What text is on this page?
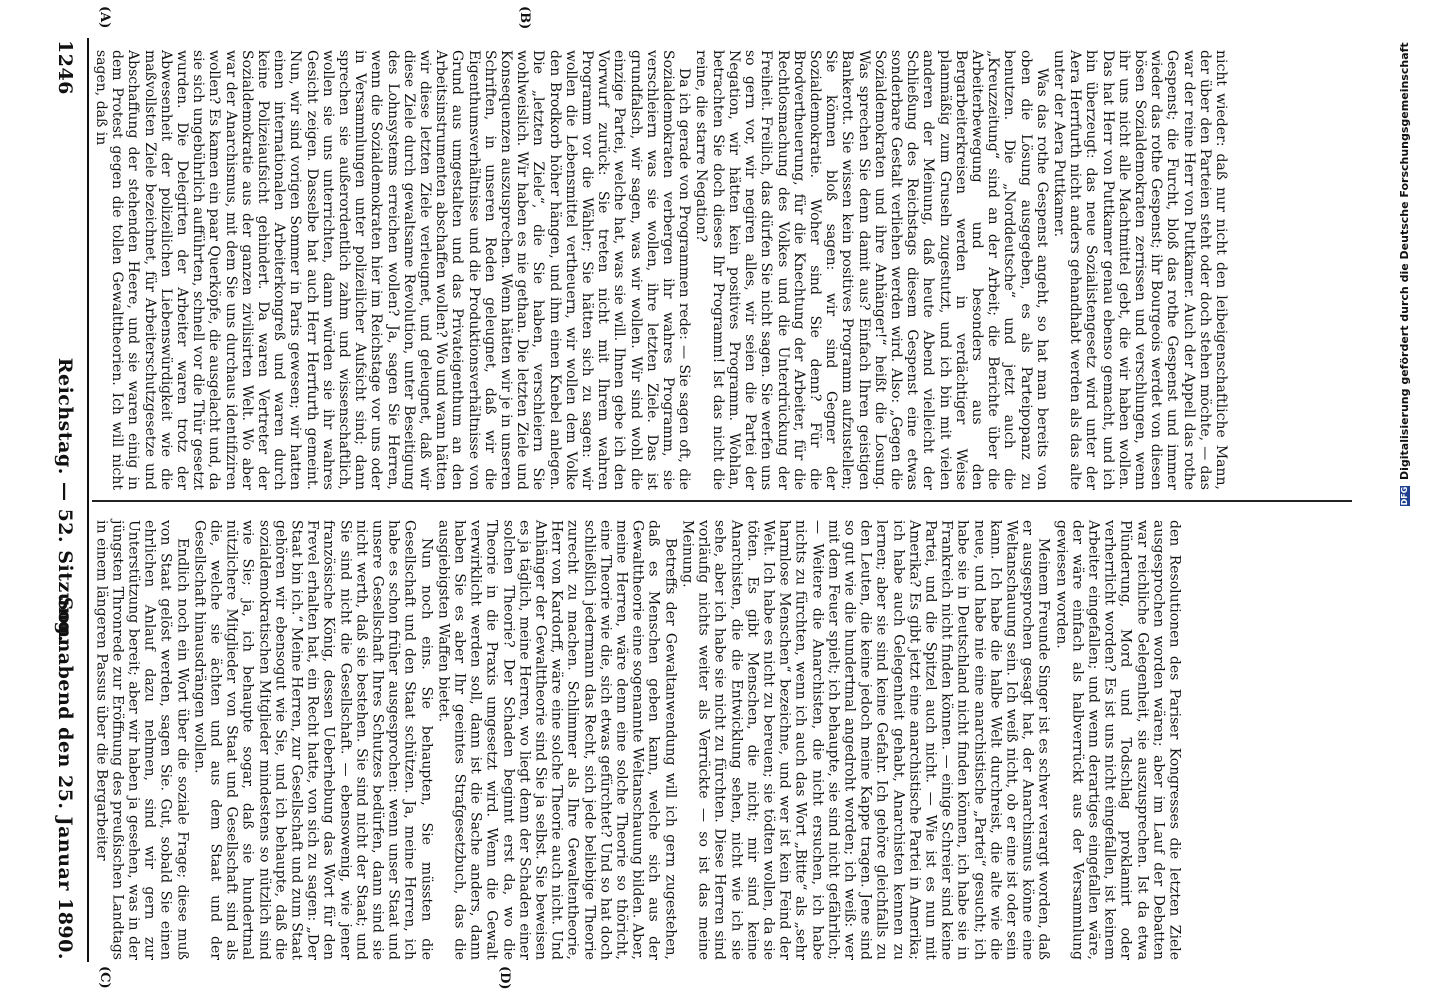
1246
Reichstag. — 52. Sitzung.
Sonnabend den 25. Januar 1890.
(A)	(B)
(C)	(D)

nicht wieder: daß nur nicht den leibeigenschaftliche Mann, der über den Parteien steht oder doch stehen möchte, — das war der reine Herr von Puttkamer. Auch der Appell das rothe Gespenst; die Furcht, bloß das rothe Gespenst und immer wieder das rothe Gespenst; ihr Bourgeois werdet von diesen bösen Sozialdemokraten zerrissen und verschlungen, wenn ihr uns nicht alle Machtmittel gebt, die wir haben wollen. Das hat Herr von Puttkamer genau ebenso gemacht, und ich bin überzeugt: das neue Sozialistengesetz wird unter der Aera Herrfurth nicht anders gehandhabt werden als das alte unter der Aera Puttkamer.

Was das rothe Gespenst angeht, so hat man bereits von oben die Lösung ausgegeben, es als Parteipopanz zu benutzen. Die „Norddeutsche“ und jetzt auch die „Kreuzzeitung“ sind an der Arbeit; die Berichte über die Arbeiterbewegung und besonders aus den Bergarbeiterkreisen werden in verdächtiger Weise planmäßig zum Gruseln zugestutzt, und ich bin mit vielen anderen der Meinung, daß heute Abend vielleicht der Schließung des Reichstags diesem Gespenst eine etwas sonderbare Gestalt verliehen werden wird. Also: „Gegen die Sozialdemokraten und ihre Anhänger!“ heißt die Losung. Was sprechen Sie denn damit aus? Einfach Ihren geistigen Bankerott. Sie wissen kein positives Programm aufzustellen; Sie können bloß sagen: wir sind Gegner der Sozialdemokratie. Woher sind Sie denn? Für die Brodvertheuerung, für die Knechtung der Arbeiter, für die Rechtlosmachung des Volkes und die Unterdrückung der Freiheit. Freilich, das dürfen Sie nicht sagen. Sie werfen uns so gern vor, wir negiren alles, wir seien die Partei der Negation, wir hätten kein positives Programm. Wohlan, betrachten Sie doch dieses Ihr Programm! Ist das nicht die reine, die starre Negation?

Da ich gerade von Programmen rede: — Sie sagen oft, die Sozialdemokraten verbergen ihr wahres Programm, sie verschleiern was sie wollen, ihre letzten Ziele. Das ist grundfalsch, wir sagen, was wir wollen. Wir sind wohl die einzige Partei, welche hat, was sie will. Ihnen gebe ich den Vorwurf zurück: Sie treten nicht mit Ihrem wahren Programm vor die Wähler; Sie hätten sich zu sagen: wir wollen die Lebensmittel vertheuern, wir wollen dem Volke den Brodkorb höher hängen, und ihm einen Knebel anlegen. Die „letzten Ziele“, die Sie haben, verschleiern Sie wohlweislich. Wir haben es nie gethan. Die letzten Ziele und Konsequenzen auszusprechen. Wenn hätten wir je in unseren Schriften, in unseren Reden geleugnet, daß wir die Eigenthumsverhältnisse und die Produktionsverhältnisse von Grund aus umgestalten und das Privateigenthum an den Arbeitsinstrumenten abschaffen wollen? Wo und wann hätten wir diese letzten Ziele verleugnet, und geleugnet, daß wir diese Ziele durch gewaltsame Revolution, unter Beseitigung des Lohnsystems erreichen wollen? Ja, sagen Sie Herren, wenn die Sozialdemokraten hier im Reichstage vor uns oder in Versammlungen unter polizeilicher Aufsicht sind; dann sprechen sie außerordentlich zahm und wissenschaftlich, wollen sie uns unterrichten, dann würden sie ihr wahres Gesicht zeigen. Dasselbe hat auch Herr Herrfurth gemeint. Nun, wir sind vorigen Sommer in Paris gewesen; wir hatten einen internationalen Arbeiterkongreß und waren durch keine Polizeiaufsicht gehindert. Da waren Vertreter der Sozialdemokratie aus der ganzen zivilisirten Welt. Wo aber war der Anarchismus, mit dem Sie uns durchaus identifiziren wollen? Es kamen ein paar Querköpfe, die ausgelacht und, da sie sich ungebührlich aufführten, schnell vor die Thür gesetzt wurden. Die Delegirten der Arbeiter waren trotz der Abwesenheit der polizeilichen Liebenswürdigkeit wie die maßvollsten Ziele bezeichnet, für Arbeiterschutzgesetze und Abschaffung der stehenden Heere, und sie waren einig in dem Protest gegen die tollen Gewalttheorien. Ich will nicht sagen, daß in

den Resolutionen des Pariser Kongresses die letzten Ziele ausgesprochen worden wären; aber im Lauf der Debatten war reichliche Gelegenheit, sie auszusprechen. Ist da etwa Plünderung, Mord und Todschlag proklamirt oder verherrlicht worden? Es ist uns nicht eingefallen, ist keinem Arbeiter eingefallen; und wenn derartiges eingefallen wäre, der wäre einfach als halbverrückt aus der Versammlung gewiesen worden.

Meinem Freunde Singer ist es schwer verargt worden, daß er ausgesprochen gesagt hat, der Anarchismus könne eine Weltanschauung sein. Ich weiß nicht, ob er eine ist oder sein kann. Ich habe die halbe Welt durchreist, die alte wie die neue, und habe nie eine anarchistische „Partei“ gesucht; ich habe sie in Deutschland nicht finden können, ich habe sie in Frankreich nicht finden können. — einige Schreier sind keine Partei, und die Spitzel auch nicht. — Wie ist es nun mit Amerika? Es gibt jetzt eine anarchistische Partei in Amerika; ich habe auch Gelegenheit gehabt, Anarchisten kennen zu lernen; aber sie sind keine Gefahr. Ich gehöre gleichfalls zu den Leuten, die keine jedoch meine Kappe tragen. Jene sind so gut wie die hundertmal angedroht worden; ich weiß: wer mit dem Feuer spielt; ich behaupte, sie sind nicht gefährlich; — Weitere die Anarchisten, die nicht ersuchen, ich habe nichts zu fürchten, wenn ich auch das Wort „Bitte“ als „sehr harmlose Menschen“ bezeichne, und wer ist kein Feind der Welt. Ich habe es nicht zu bereuen; sie tödten wollen, da sie töten. Es gibt Menschen, die nicht; mir sind keine Anarchisten, die die Entwicklung sehen, nicht wie ich sie sehe, aber ich habe sie nicht zu fürchten. Diese Herren sind vorläufig nichts weiter als Verrückte — so ist das meine Meinung.

Betreffs der Gewaltanwendung will ich gern zugestehen, daß es Menschen geben kann, welche sich aus der Gewalttheorie eine sogenannte Weltanschauung bilden. Aber, meine Herren, wäre denn eine solche Theorie so thöricht, eine Theorie wie die, sich etwas gefürchtet? Und so hat doch schließlich jedermann das Recht, sich jede beliebige Theorie zurecht zu machen. Schlimmer als Ihre Gewaltentheorie, Herr von Kardorff, wäre eine solche Theorie auch nicht. Und Anhänger der Gewalttheorie sind Sie ja selbst. Sie beweisen es ja täglich, meine Herren, wo liegt denn der Schaden einer solchen Theorie? Der Schaden beginnt erst da, wo die Theorie in die Praxis umgesetzt wird. Wenn die Gewalt verwirklicht werden soll, dann ist die Sache anders, dann haben Sie es aber Ihr geeintes Strafgesetzbuch, das die ausgiebigsten Waffen bietet.

Nun noch eins. Sie behaupten, Sie müssten die Gesellschaft und den Staat schützen. Ja, meine Herren, ich habe es schon früher ausgesprochen: wenn unser Staat und unsere Gesellschaft Ihres Schutzes bedürfen, dann sind sie nicht werth, daß sie bestehen. Sie sind nicht der Staat; und Sie sind nicht die Gesellschaft. — ebensowenig, wie jener französische König, dessen Ueberhebung das Wort für den Frevel erhalten hat, ein Recht hatte, von sich zu sagen: „Der Staat bin ich.“ Meine Herren, zur Gesellschaft und zum Staat gehören wir ebensogut wie Sie, und ich behaupte, daß die sozialdemokratischen Mitglieder mindestens so nützlich sind wie Sie; ja, ich behaupte sogar, daß sie hundertmal nützlichere Mitglieder von Staat und Gesellschaft sind als die, welche sie ächten und aus dem Staat und der Gesellschaft hinausdrängen wollen.

Endlich noch ein Wort über die soziale Frage; diese muß von Staat gelöst werden, sagen Sie. Gut, sobald Sie einen ehrlichen Anlauf dazu nehmen, sind wir gern zur Unterstützung bereit; aber wir haben ja gesehen, was in der jüngsten Thronrede zur Eröffnung des preußischen Landtags in einem längeren Passus über die Bergarbeiter

DFG
Digitalisierung gefördert durch die Deutsche Forschungsgemeinschaft
